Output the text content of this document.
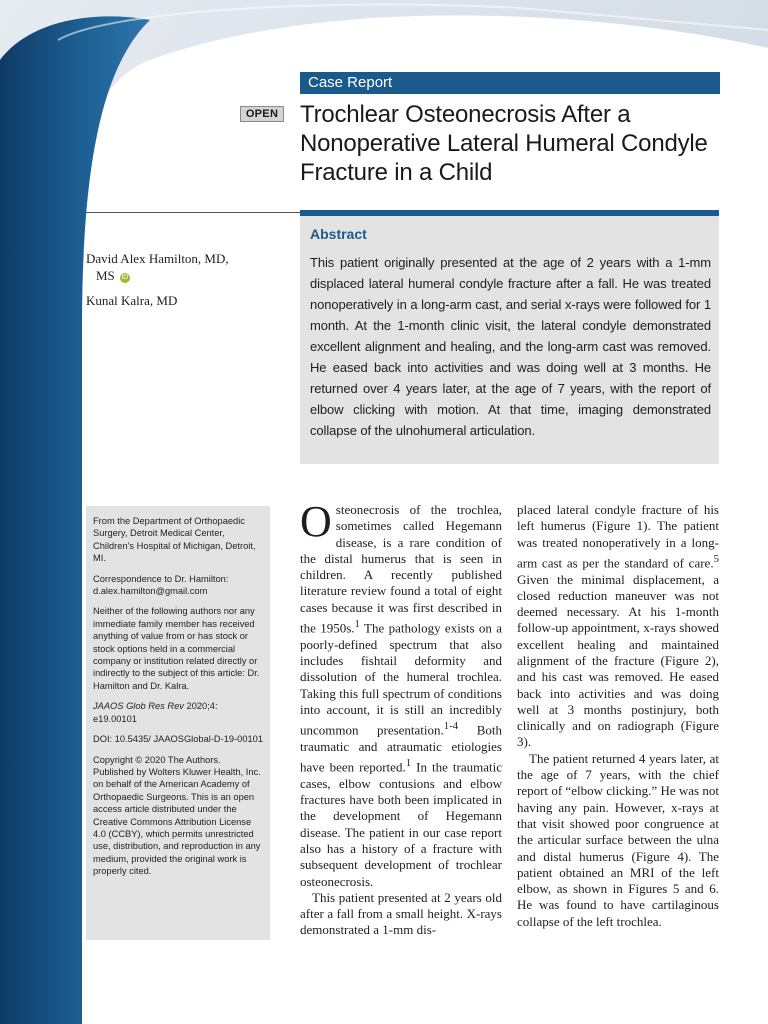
Case Report
OPEN Trochlear Osteonecrosis After a Nonoperative Lateral Humeral Condyle Fracture in a Child

David Alex Hamilton, MD,

MS iD

Kunal Kalra, MD

Abstract

This patient originally presented at the age of 2 years with a 1-mm displaced lateral humeral condyle fracture after a fall. He was treated nonoperatively in a long-arm cast, and serial x-rays were followed for 1 month. At the 1-month clinic visit, the lateral condyle demonstrated excellent alignment and healing, and the long-arm cast was removed. He eased back into activities and was doing well at 3 months. He returned over 4 years later, at the age of 7 years, with the report of elbow clicking with motion. At that time, imaging demonstrated collapse of the ulnohumeral articulation.

From the Department of Orthopaedic Surgery, Detroit Medical Center, Children's Hospital of Michigan, Detroit, MI.

Correspondence to Dr. Hamilton: d.alex.hamilton@gmail.com

Neither of the following authors nor any immediate family member has received anything of value from or has stock or stock options held in a commercial company or institution related directly or indirectly to the subject of this article: Dr. Hamilton and Dr. Kalra.

JAAOS Glob Res Rev 2020;4: e19.00101

DOI: 10.5435/ JAAOSGlobal-D-19-00101

Copyright © 2020 The Authors. Published by Wolters Kluwer Health, Inc. on behalf of the American Academy of Orthopaedic Surgeons. This is an open access article distributed under the Creative Commons Attribution License 4.0 (CCBY), which permits unrestricted use, distribution, and reproduction in any medium, provided the original work is properly cited.

Osteonecrosis of the trochlea, sometimes called Hegemann disease, is a rare condition of the distal humerus that is seen in children. A recently published literature review found a total of eight cases because it was first described in the 1950s.$^1$ The pathology exists on a poorly-defined spectrum that also includes fishtail deformity and dissolution of the humeral trochlea. Taking this full spectrum of conditions into account, it is still an incredibly uncommon presentation.$^{1-4}$ Both traumatic and atraumatic etiologies have been reported.$^1$ In the traumatic cases, elbow contusions and elbow fractures have both been implicated in the development of Hegemann disease. The patient in our case report also has a history of a fracture with subsequent development of trochlear osteonecrosis.

This patient presented at 2 years old after a fall from a small height. X-rays demonstrated a 1-mm dis-

placed lateral condyle fracture of his left humerus (Figure 1). The patient was treated nonoperatively in a long-arm cast as per the standard of care.$^5$ Given the minimal displacement, a closed reduction maneuver was not deemed necessary. At his 1-month follow-up appointment, x-rays showed excellent healing and maintained alignment of the fracture (Figure 2), and his cast was removed. He eased back into activities and was doing well at 3 months postinjury, both clinically and on radiograph (Figure 3).

The patient returned 4 years later, at the age of 7 years, with the chief report of “elbow clicking.” He was not having any pain. However, x-rays at that visit showed poor congruence at the articular surface between the ulna and distal humerus (Figure 4). The patient obtained an MRI of the left elbow, as shown in Figures 5 and 6. He was found to have cartilaginous collapse of the left trochlea.
